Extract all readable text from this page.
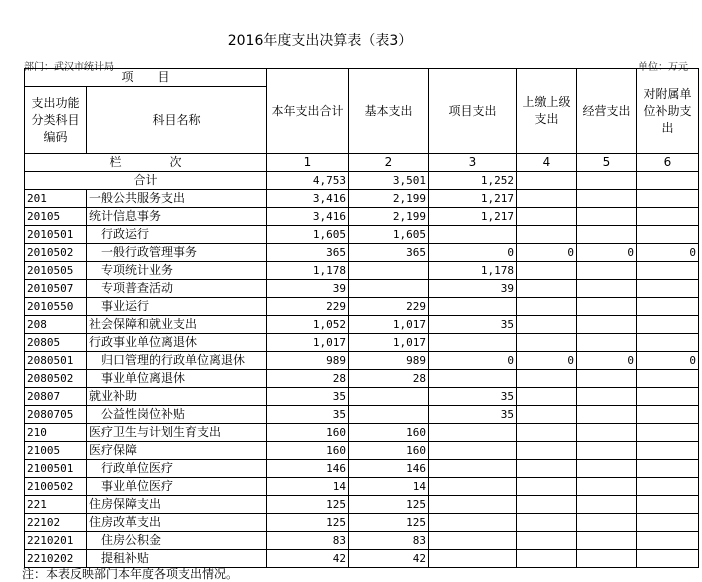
2016年度支出决算表（表3）
部门：武汉市统计局	单位：万元
项　　目		本年支出合计	基本支出	项目支出	上缴上级支出	经营支出	对附属单位补助支出
支出功能分类科目编码	科目名称						
栏　　　　次		1	2	3	4	5	6
合计		4,753	3,501	1,252			
201	一般公共服务支出	3,416	2,199	1,217			
20105	统计信息事务	3,416	2,199	1,217			
2010501	行政运行	1,605	1,605				
2010502	一般行政管理事务	365	365	0	0	0	0
2010505	专项统计业务	1,178		1,178			
2010507	专项普查活动	39		39			
2010550	事业运行	229	229				
208	社会保障和就业支出	1,052	1,017	35			
20805	行政事业单位离退休	1,017	1,017				
2080501	归口管理的行政单位离退休	989	989	0	0	0	0
2080502	事业单位离退休	28	28				
20807	就业补助	35		35			
2080705	公益性岗位补贴	35		35			
210	医疗卫生与计划生育支出	160	160				
21005	医疗保障	160	160				
2100501	行政单位医疗	146	146				
2100502	事业单位医疗	14	14				
221	住房保障支出	125	125				
22102	住房改革支出	125	125				
2210201	住房公积金	83	83				
2210202	提租补贴	42	42				
注：本表反映部门本年度各项支出情况。
